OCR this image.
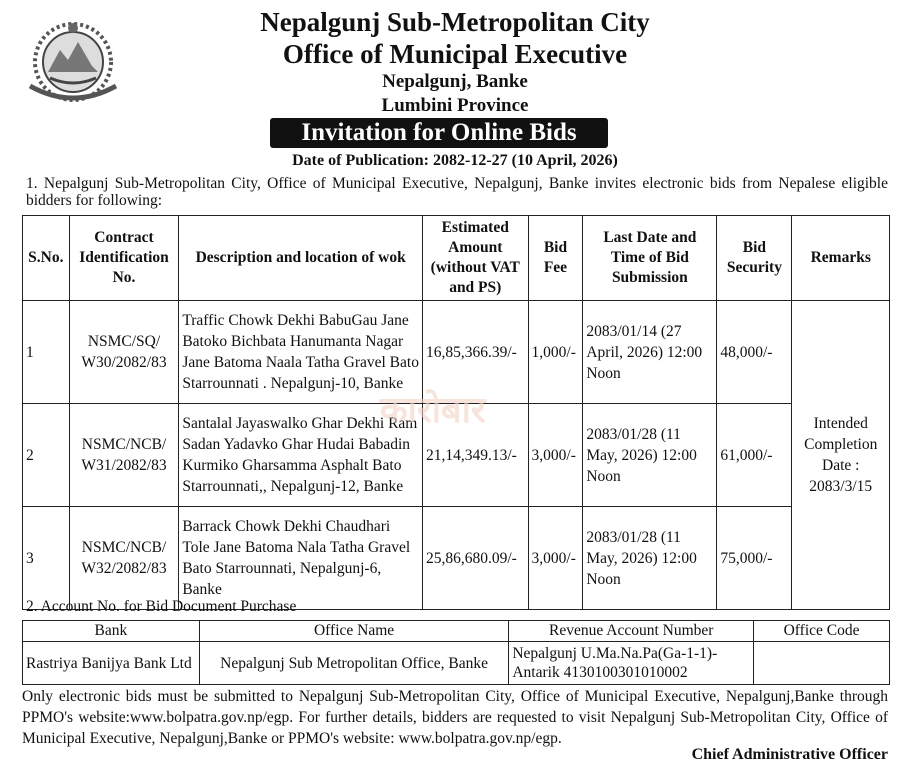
Nepalgunj Sub-Metropolitan City
Office of Municipal Executive
Nepalgunj, Banke
Lumbini Province
Invitation for Online Bids
Date of Publication: 2082-12-27 (10 April, 2026)
1. Nepalgunj Sub-Metropolitan City, Office of Municipal Executive, Nepalgunj, Banke invites electronic bids from Nepalese eligible bidders for following:
S.No.	Contract Identification No.	Description and location of wok	Estimated Amount (without VAT and PS)	Bid Fee	Last Date and Time of Bid Submission	Bid Security	Remarks
1	NSMC/SQ/ W30/2082/83	Traffic Chowk Dekhi BabuGau Jane Batoko Bichbata Hanumanta Nagar Jane Batoma Naala Tatha Gravel Bato Starrounnati . Nepalgunj-10, Banke	16,85,366.39/-	1,000/-	2083/01/14 (27 April, 2026) 12:00 Noon	48,000/-	Intended Completion Date : 2083/3/15
2	NSMC/NCB/ W31/2082/83	Santalal Jayaswalko Ghar Dekhi Ram Sadan Yadavko Ghar Hudai Babadin Kurmiko Gharsamma Asphalt Bato Starrounnati,, Nepalgunj-12, Banke	21,14,349.13/-	3,000/-	2083/01/28 (11 May, 2026) 12:00 Noon	61,000/-	
3	NSMC/NCB/ W32/2082/83	Barrack Chowk Dekhi Chaudhari Tole Jane Batoma Nala Tatha Gravel Bato Starrounnati, Nepalgunj-6, Banke	25,86,680.09/-	3,000/-	2083/01/28 (11 May, 2026) 12:00 Noon	75,000/-	
कारोबार
2. Account No. for Bid Document Purchase
Bank	Office Name	Revenue Account Number	Office Code
Rastriya Banijya Bank Ltd	Nepalgunj Sub Metropolitan Office, Banke	Nepalgunj U.Ma.Na.Pa(Ga-1-1)-Antarik 4130100301010002	
Only electronic bids must be submitted to Nepalgunj Sub-Metropolitan City, Office of Municipal Executive, Nepalgunj,Banke through PPMO's website:www.bolpatra.gov.np/egp. For further details, bidders are requested to visit Nepalgunj Sub-Metropolitan City, Office of Municipal Executive, Nepalgunj,Banke or PPMO's website: www.bolpatra.gov.np/egp.
Chief Administrative Officer
